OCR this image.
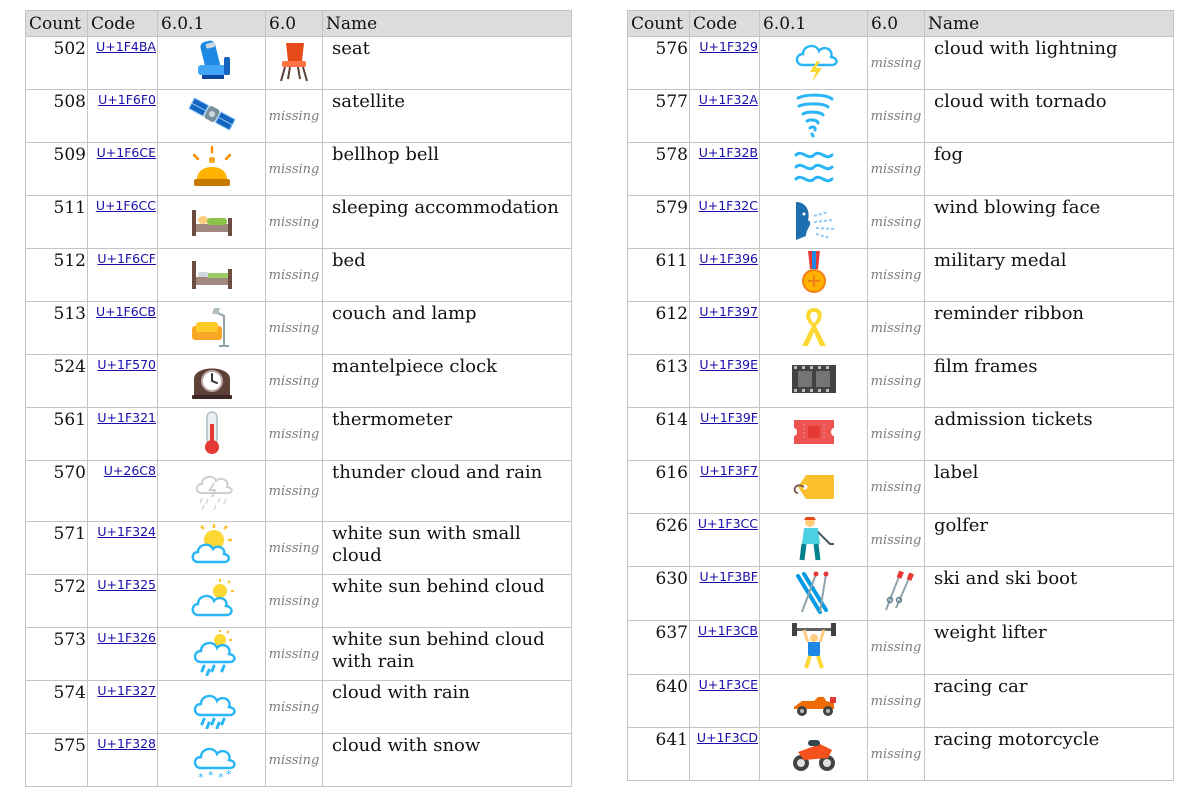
Count	Code	6.0.1	6.0	Name
502	U+1F4BA			seat
508	U+1F6F0		missing	satellite
509	U+1F6CE		missing	bellhop bell
511	U+1F6CC		missing	sleeping accommodation
512	U+1F6CF		missing	bed
513	U+1F6CB		missing	couch and lamp
524	U+1F570		missing	mantelpiece clock
561	U+1F321		missing	thermometer
570	U+26C8		missing	thunder cloud and rain
571	U+1F324		missing	white sun with small cloud
572	U+1F325		missing	white sun behind cloud
573	U+1F326		missing	white sun behind cloud with rain
574	U+1F327		missing	cloud with rain
575	U+1F328	* * * *	missing	cloud with snow
Count	Code	6.0.1	6.0	Name
576	U+1F329		missing	cloud with lightning
577	U+1F32A		missing	cloud with tornado
578	U+1F32B		missing	fog
579	U+1F32C		missing	wind blowing face
611	U+1F396		missing	military medal
612	U+1F397		missing	reminder ribbon
613	U+1F39E		missing	film frames
614	U+1F39F		missing	admission tickets
616	U+1F3F7		missing	label
626	U+1F3CC		missing	golfer
630	U+1F3BF			ski and ski boot
637	U+1F3CB		missing	weight lifter
640	U+1F3CE		missing	racing car
641	U+1F3CD		missing	racing motorcycle
